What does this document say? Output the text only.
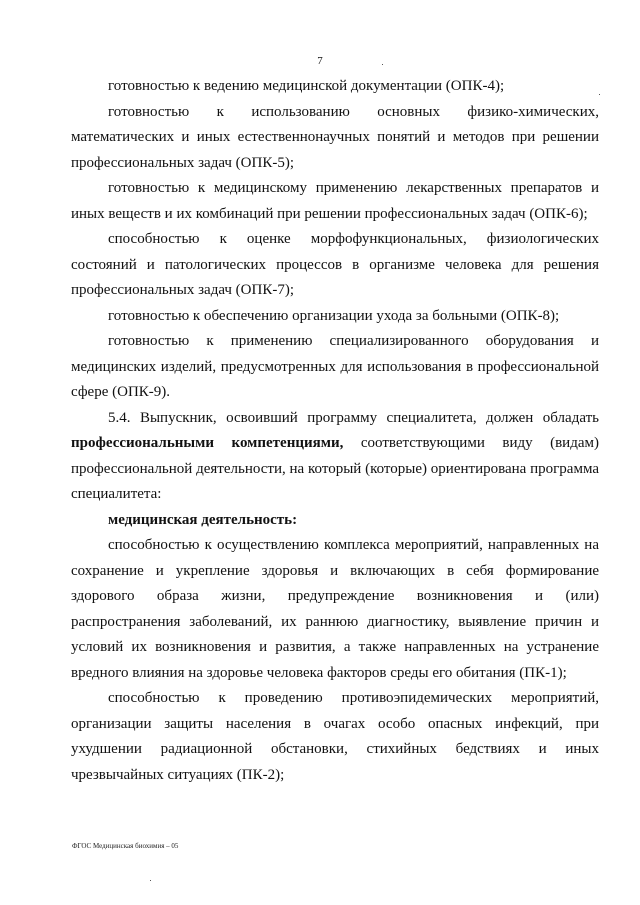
7

готовностью к ведению медицинской документации (ОПК-4);

готовностью к использованию основных физико-химических, математических и иных естественнонаучных понятий и методов при решении профессиональных задач (ОПК-5);

готовностью к медицинскому применению лекарственных препаратов и иных веществ и их комбинаций при решении профессиональных задач (ОПК-6);

способностью к оценке морфофункциональных, физиологических состояний и патологических процессов в организме человека для решения профессиональных задач (ОПК-7);

готовностью к обеспечению организации ухода за больными (ОПК-8);

готовностью к применению специализированного оборудования и медицинских изделий, предусмотренных для использования в профессиональной сфере (ОПК-9).

5.4. Выпускник, освоивший программу специалитета, должен обладать профессиональными компетенциями, соответствующими виду (видам) профессиональной деятельности, на который (которые) ориентирована программа специалитета:

медицинская деятельность:

способностью к осуществлению комплекса мероприятий, направленных на сохранение и укрепление здоровья и включающих в себя формирование здорового образа жизни, предупреждение возникновения и (или) распространения заболеваний, их раннюю диагностику, выявление причин и условий их возникновения и развития, а также направленных на устранение вредного влияния на здоровье человека факторов среды его обитания (ПК-1);

способностью к проведению противоэпидемических мероприятий, организации защиты населения в очагах особо опасных инфекций, при ухудшении радиационной обстановки, стихийных бедствиях и иных чрезвычайных ситуациях (ПК-2);

ФГОС Медицинская биохимия – 05
